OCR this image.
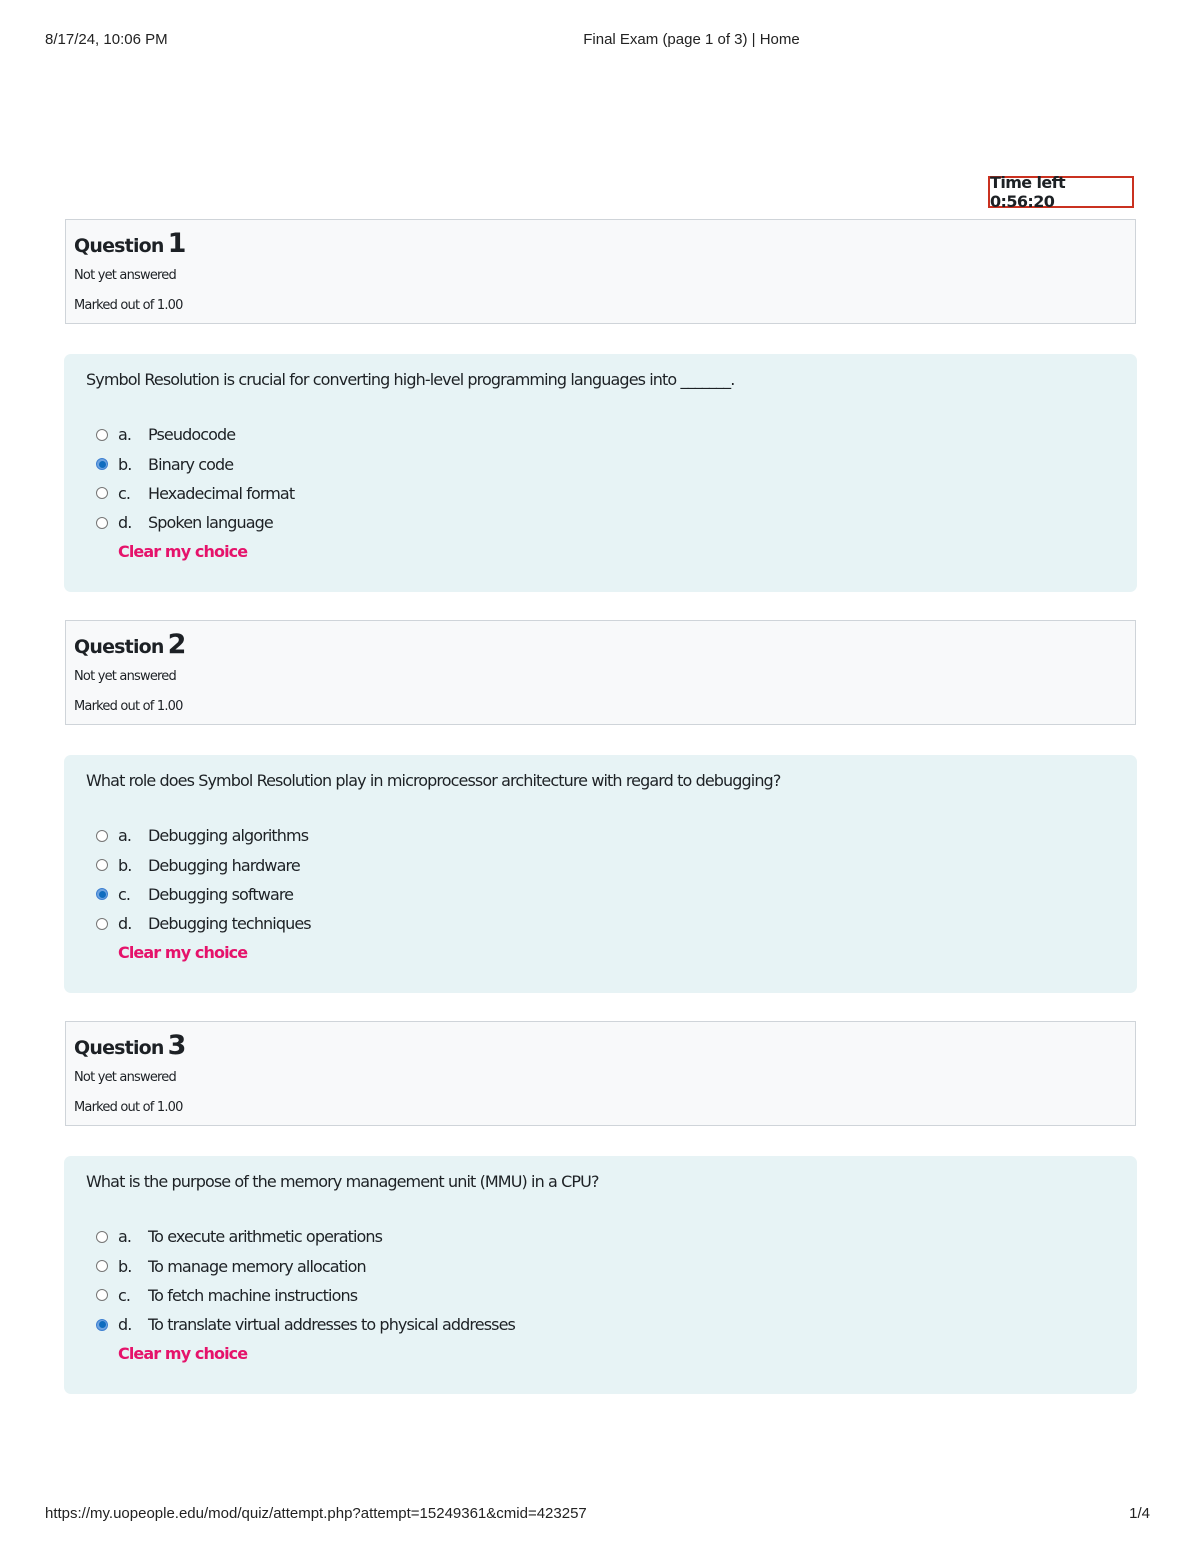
8/17/24, 10:06 PM	Final Exam (page 1 of 3) | Home
Time left 0:56:20
Question 1
Not yet answered
Marked out of 1.00
Symbol Resolution is crucial for converting high-level programming languages into _______.
a. Pseudocode
b. Binary code
c. Hexadecimal format
d. Spoken language
Clear my choice
Question 2
Not yet answered
Marked out of 1.00
What role does Symbol Resolution play in microprocessor architecture with regard to debugging?
a. Debugging algorithms
b. Debugging hardware
c. Debugging software
d. Debugging techniques
Clear my choice
Question 3
Not yet answered
Marked out of 1.00
What is the purpose of the memory management unit (MMU) in a CPU?
a. To execute arithmetic operations
b. To manage memory allocation
c. To fetch machine instructions
d. To translate virtual addresses to physical addresses
Clear my choice
https://my.uopeople.edu/mod/quiz/attempt.php?attempt=15249361&cmid=423257	1/4
